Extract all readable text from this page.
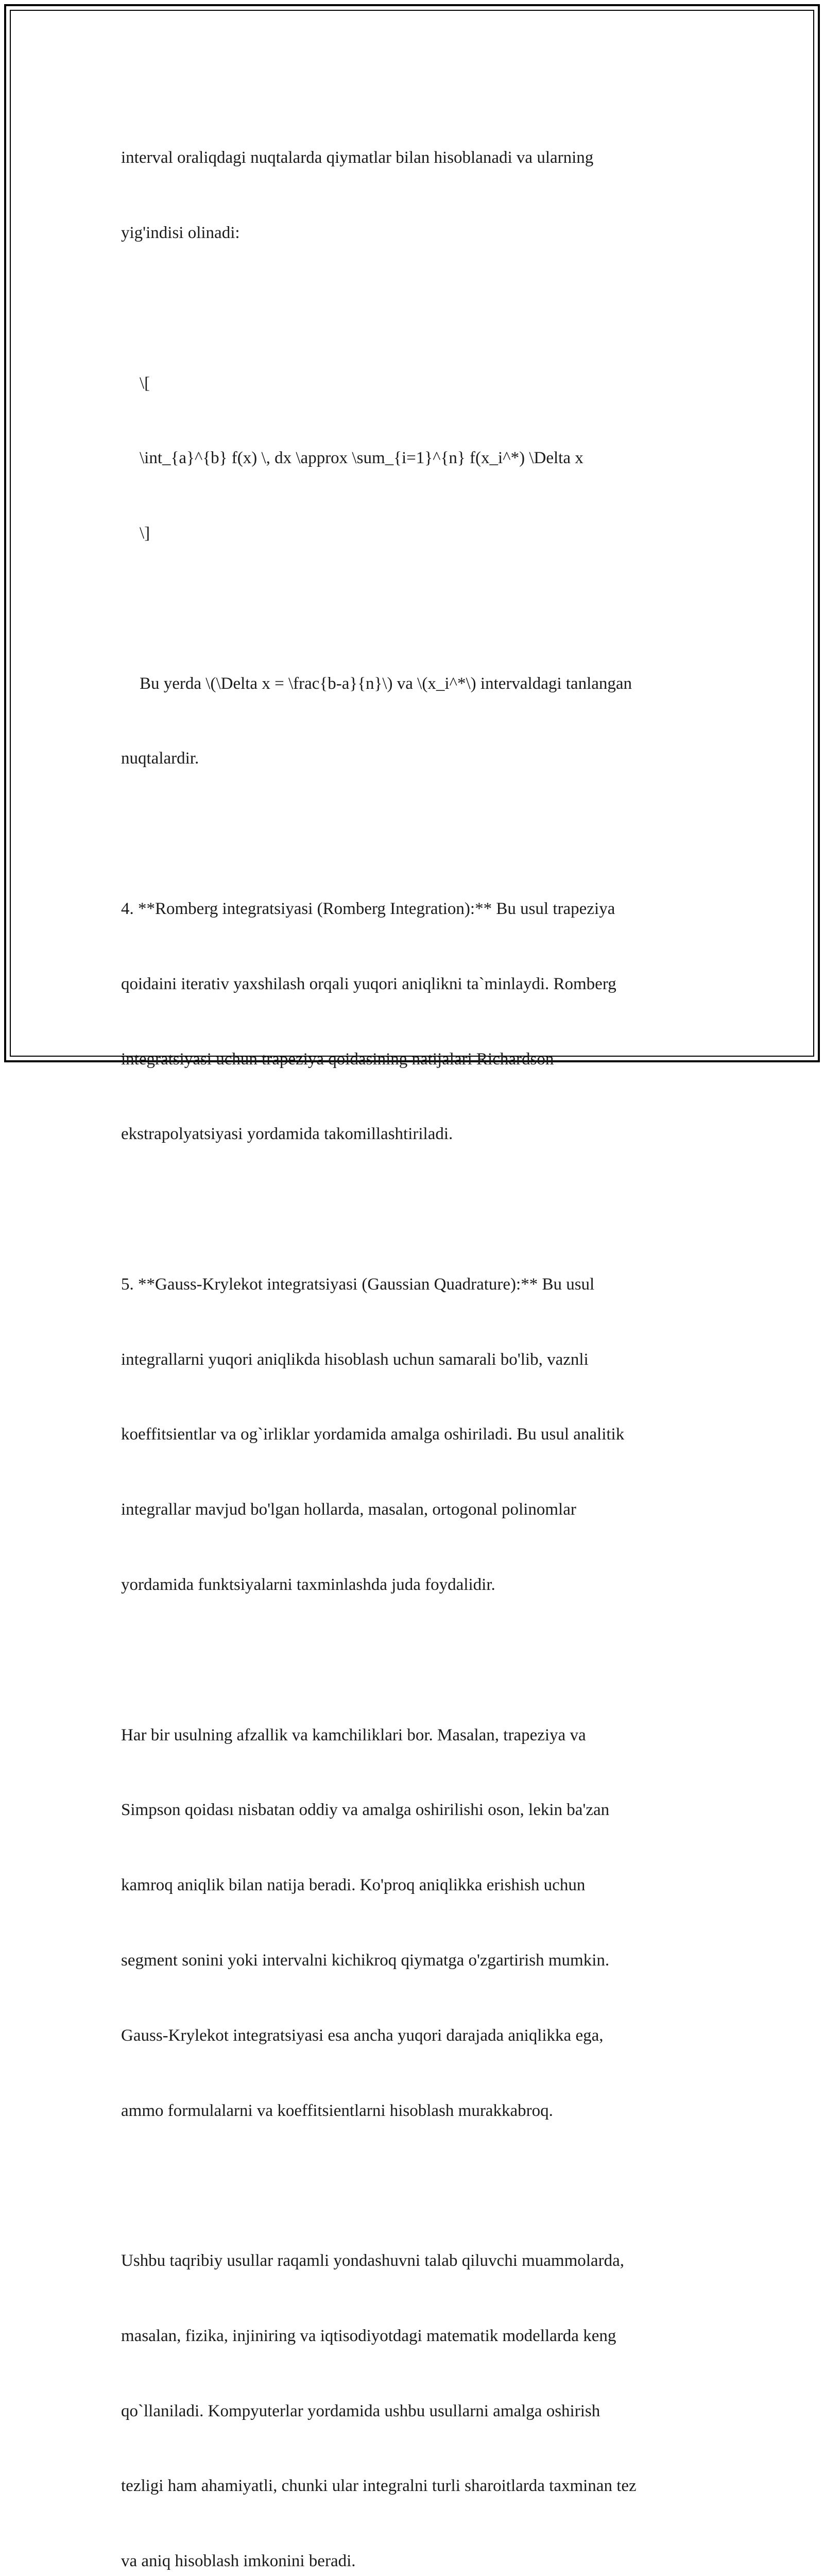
interval oraliqdagi nuqtalarda qiymatlar bilan hisoblanadi va ularning

yig'indisi olinadi:

\[

\int_{a}^{b} f(x) \, dx \approx \sum_{i=1}^{n} f(x_i^*) \Delta x

\]

Bu yerda \(\Delta x = \frac{b-a}{n}\) va \(x_i^*\) intervaldagi tanlangan

nuqtalardir.

4. **Romberg integratsiyasi (Romberg Integration):** Bu usul trapeziya

qoidaini iterativ yaxshilash orqali yuqori aniqlikni ta`minlaydi. Romberg

integratsiyasi uchun trapeziya qoidasining natijalari Richardson

ekstrapolyatsiyasi yordamida takomillashtiriladi.

5. **Gauss-Krylekot integratsiyasi (Gaussian Quadrature):** Bu usul

integrallarni yuqori aniqlikda hisoblash uchun samarali bo'lib, vaznli

koeffitsientlar va og`irliklar yordamida amalga oshiriladi. Bu usul analitik

integrallar mavjud bo'lgan hollarda, masalan, ortogonal polinomlar

yordamida funktsiyalarni taxminlashda juda foydalidir.

Har bir usulning afzallik va kamchiliklari bor. Masalan, trapeziya va

Simpson qoidası nisbatan oddiy va amalga oshirilishi oson, lekin ba'zan

kamroq aniqlik bilan natija beradi. Ko'proq aniqlikka erishish uchun

segment sonini yoki intervalni kichikroq qiymatga o'zgartirish mumkin.

Gauss-Krylekot integratsiyasi esa ancha yuqori darajada aniqlikka ega,

ammo formulalarni va koeffitsientlarni hisoblash murakkabroq.

Ushbu taqribiy usullar raqamli yondashuvni talab qiluvchi muammolarda,

masalan, fizika, injiniring va iqtisodiyotdagi matematik modellarda keng

qo`llaniladi. Kompyuterlar yordamida ushbu usullarni amalga oshirish

tezligi ham ahamiyatli, chunki ular integralni turli sharoitlarda taxminan tez

va aniq hisoblash imkonini beradi.
